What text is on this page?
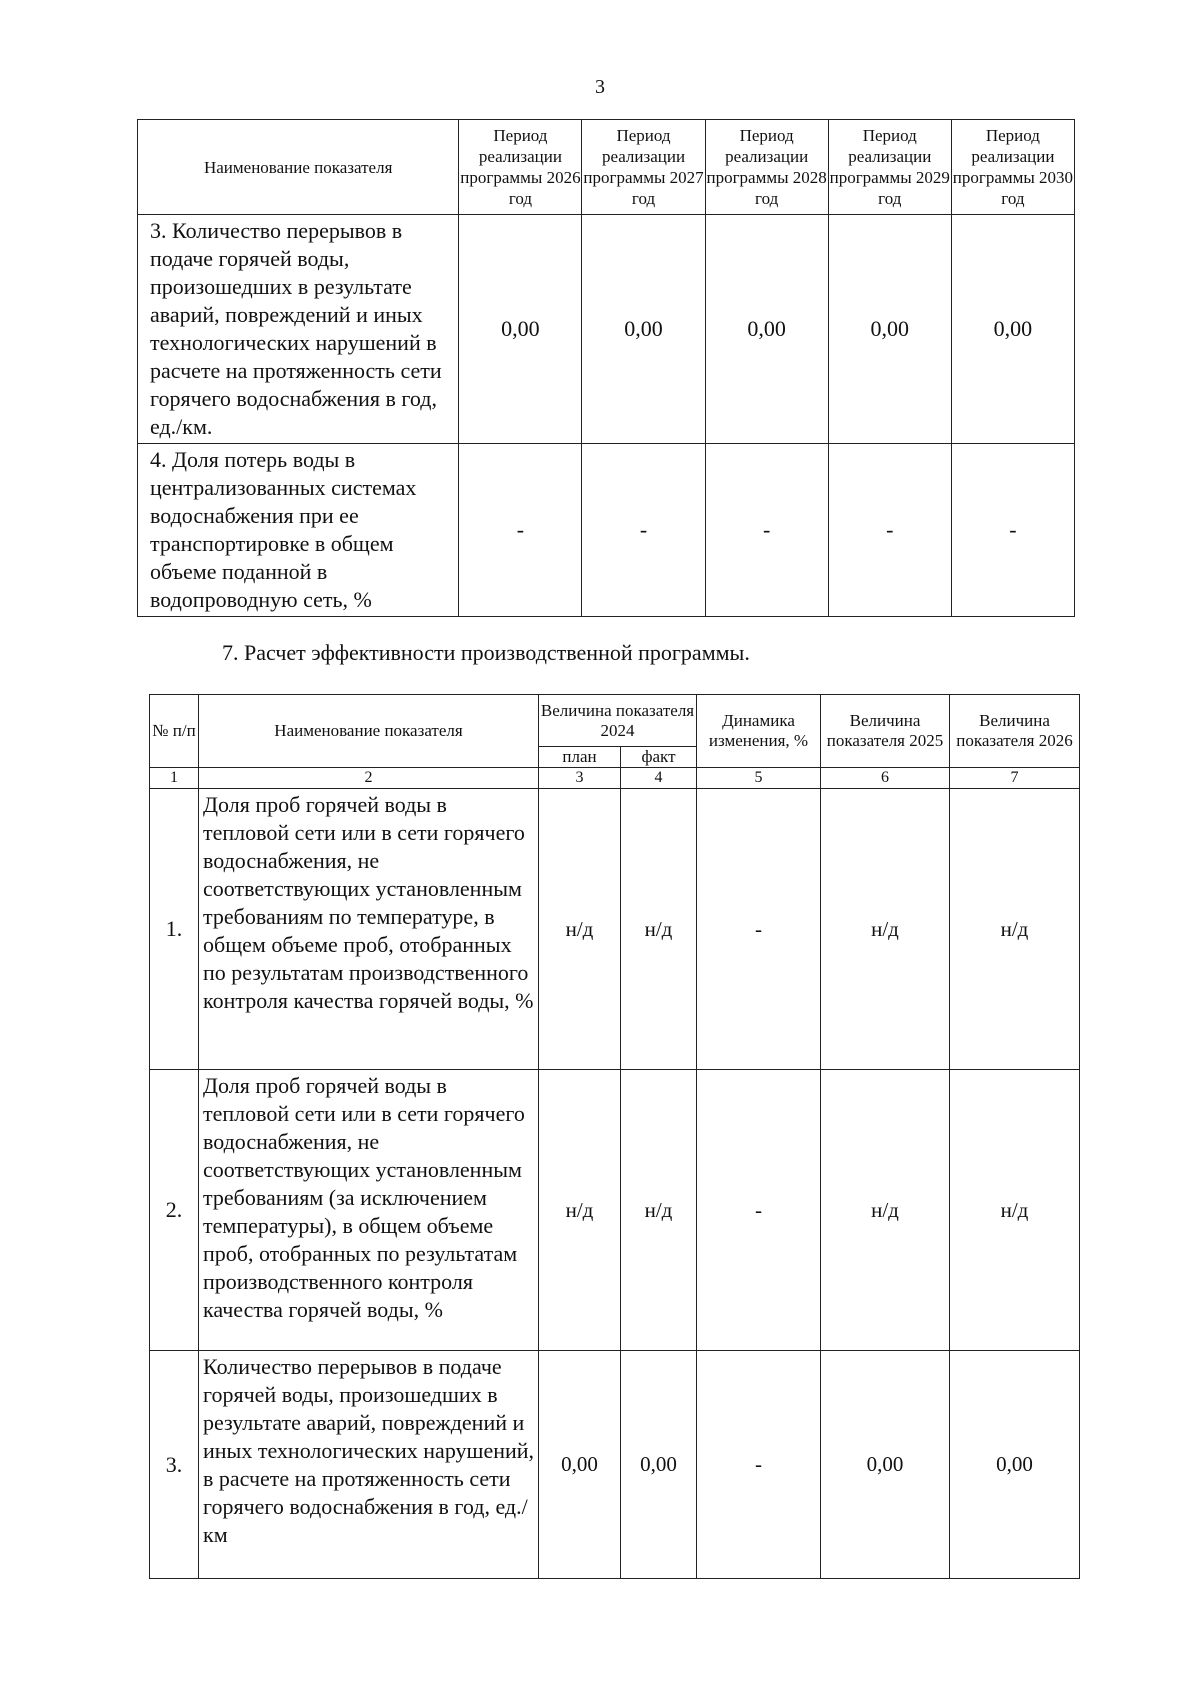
3
Наименование показателя	Период реализации программы 2026 год	Период реализации программы 2027 год	Период реализации программы 2028 год	Период реализации программы 2029 год	Период реализации программы 2030 год
3. Количество перерывов в подаче горячей воды, произошедших в результате аварий, повреждений и иных технологических нарушений в расчете на протяженность сети горячего водоснабжения в год, ед./км.	0,00	0,00	0,00	0,00	0,00
4. Доля потерь воды в централизованных системах водоснабжения при ее транспортировке в общем объеме поданной в водопроводную сеть, %	-	-	-	-	-
7. Расчет эффективности производственной программы.
№ п/п	Наименование показателя	Величина показателя 2024		Динамика изменения, %	Величина показателя 2025	Величина показателя 2026
		план	факт			
1	2	3	4	5	6	7
1.	Доля проб горячей воды в тепловой сети или в сети горячего водоснабжения, не соответствующих установленным требованиям по температуре, в общем объеме проб, отобранных по результатам производственного контроля качества горячей воды, %	н/д	н/д	-	н/д	н/д
2.	Доля проб горячей воды в тепловой сети или в сети горячего водоснабжения, не соответствующих установленным требованиям (за исключением температуры), в общем объеме проб, отобранных по результатам производственного контроля качества горячей воды, %	н/д	н/д	-	н/д	н/д
3.	Количество перерывов в подаче горячей воды, произошедших в результате аварий, повреждений и иных технологических нарушений, в расчете на протяженность сети горячего водоснабжения в год, ед./км	0,00	0,00	-	0,00	0,00
